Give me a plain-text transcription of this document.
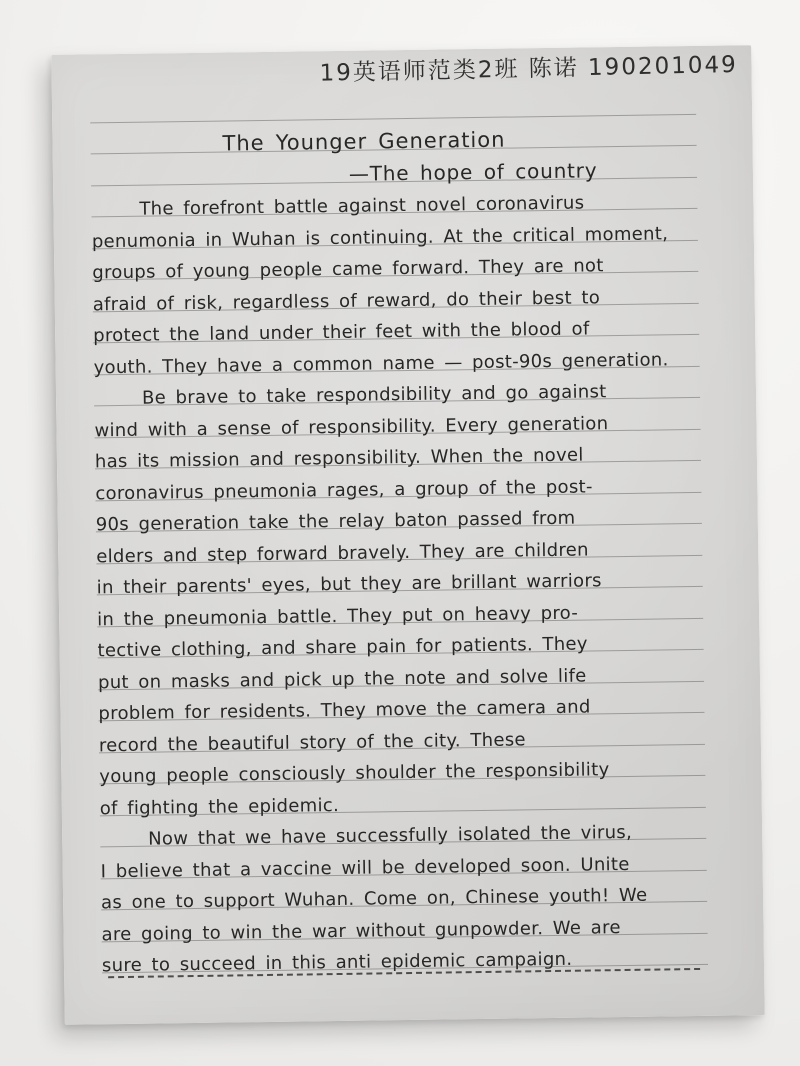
19英语师范类2班 陈诺 190201049
The Younger Generation
—The hope of country
The forefront battle against novel coronavirus
penumonia in Wuhan is continuing. At the critical moment,
groups of young people came forward. They are not
afraid of risk, regardless of reward, do their best to
protect the land under their feet with the blood of
youth. They have a common name — post-90s generation.
Be brave to take respondsibility and go against
wind with a sense of responsibility. Every generation
has its mission and responsibility. When the novel
coronavirus pneumonia rages, a group of the post-
90s generation take the relay baton passed from
elders and step forward bravely. They are children
in their parents' eyes, but they are brillant warriors
in the pneumonia battle. They put on heavy pro-
tective clothing, and share pain for patients. They
put on masks and pick up the note and solve life
problem for residents. They move the camera and
record the beautiful story of the city. These
young people consciously shoulder the responsibility
of fighting the epidemic.
Now that we have successfully isolated the virus,
I believe that a vaccine will be developed soon. Unite
as one to support Wuhan. Come on, Chinese youth! We
are going to win the war without gunpowder. We are
sure to succeed in this anti epidemic campaign.
